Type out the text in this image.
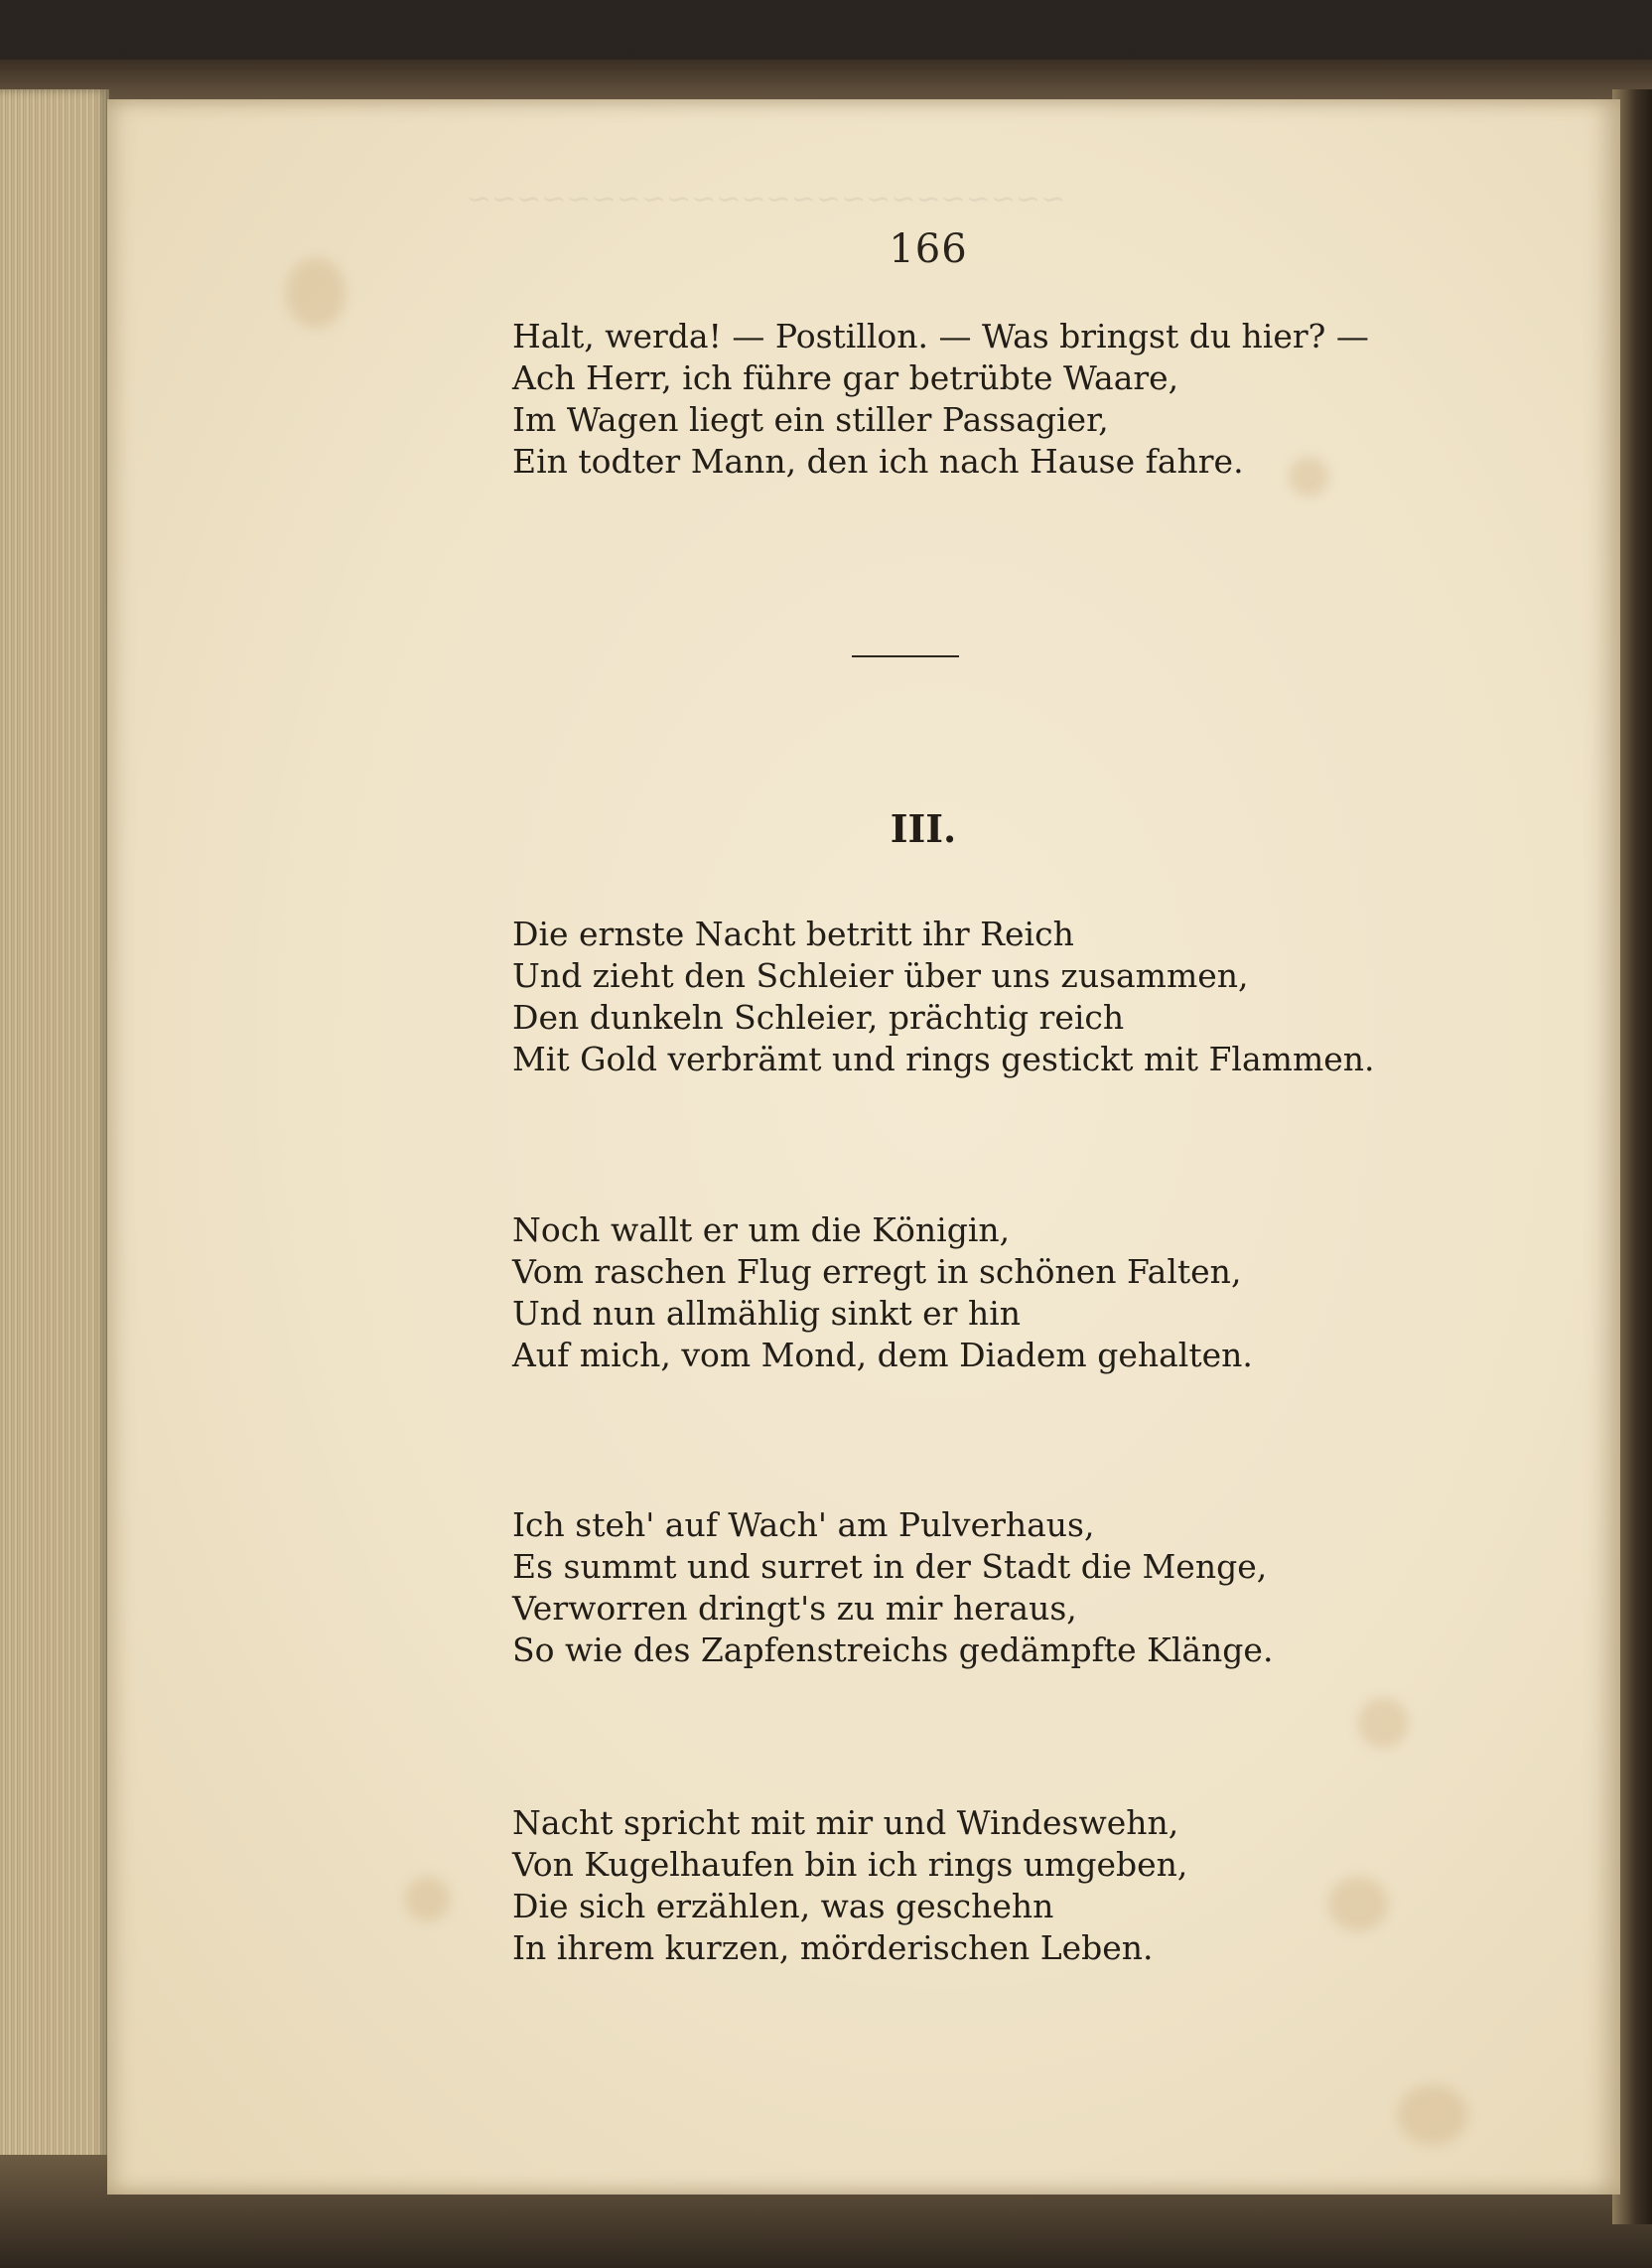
~~~~~~~~~~~~~~~~~~~~~~~~
166
Halt, werda! — Postillon. — Was bringst du hier? —
Ach Herr, ich führe gar betrübte Waare,
Im Wagen liegt ein stiller Passagier,
Ein todter Mann, den ich nach Hause fahre.
III.
Die ernste Nacht betritt ihr Reich
Und zieht den Schleier über uns zusammen,
Den dunkeln Schleier, prächtig reich
Mit Gold verbrämt und rings gestickt mit Flammen.
Noch wallt er um die Königin,
Vom raschen Flug erregt in schönen Falten,
Und nun allmählig sinkt er hin
Auf mich, vom Mond, dem Diadem gehalten.
Ich steh' auf Wach' am Pulverhaus,
Es summt und surret in der Stadt die Menge,
Verworren dringt's zu mir heraus,
So wie des Zapfenstreichs gedämpfte Klänge.
Nacht spricht mit mir und Windeswehn,
Von Kugelhaufen bin ich rings umgeben,
Die sich erzählen, was geschehn
In ihrem kurzen, mörderischen Leben.
